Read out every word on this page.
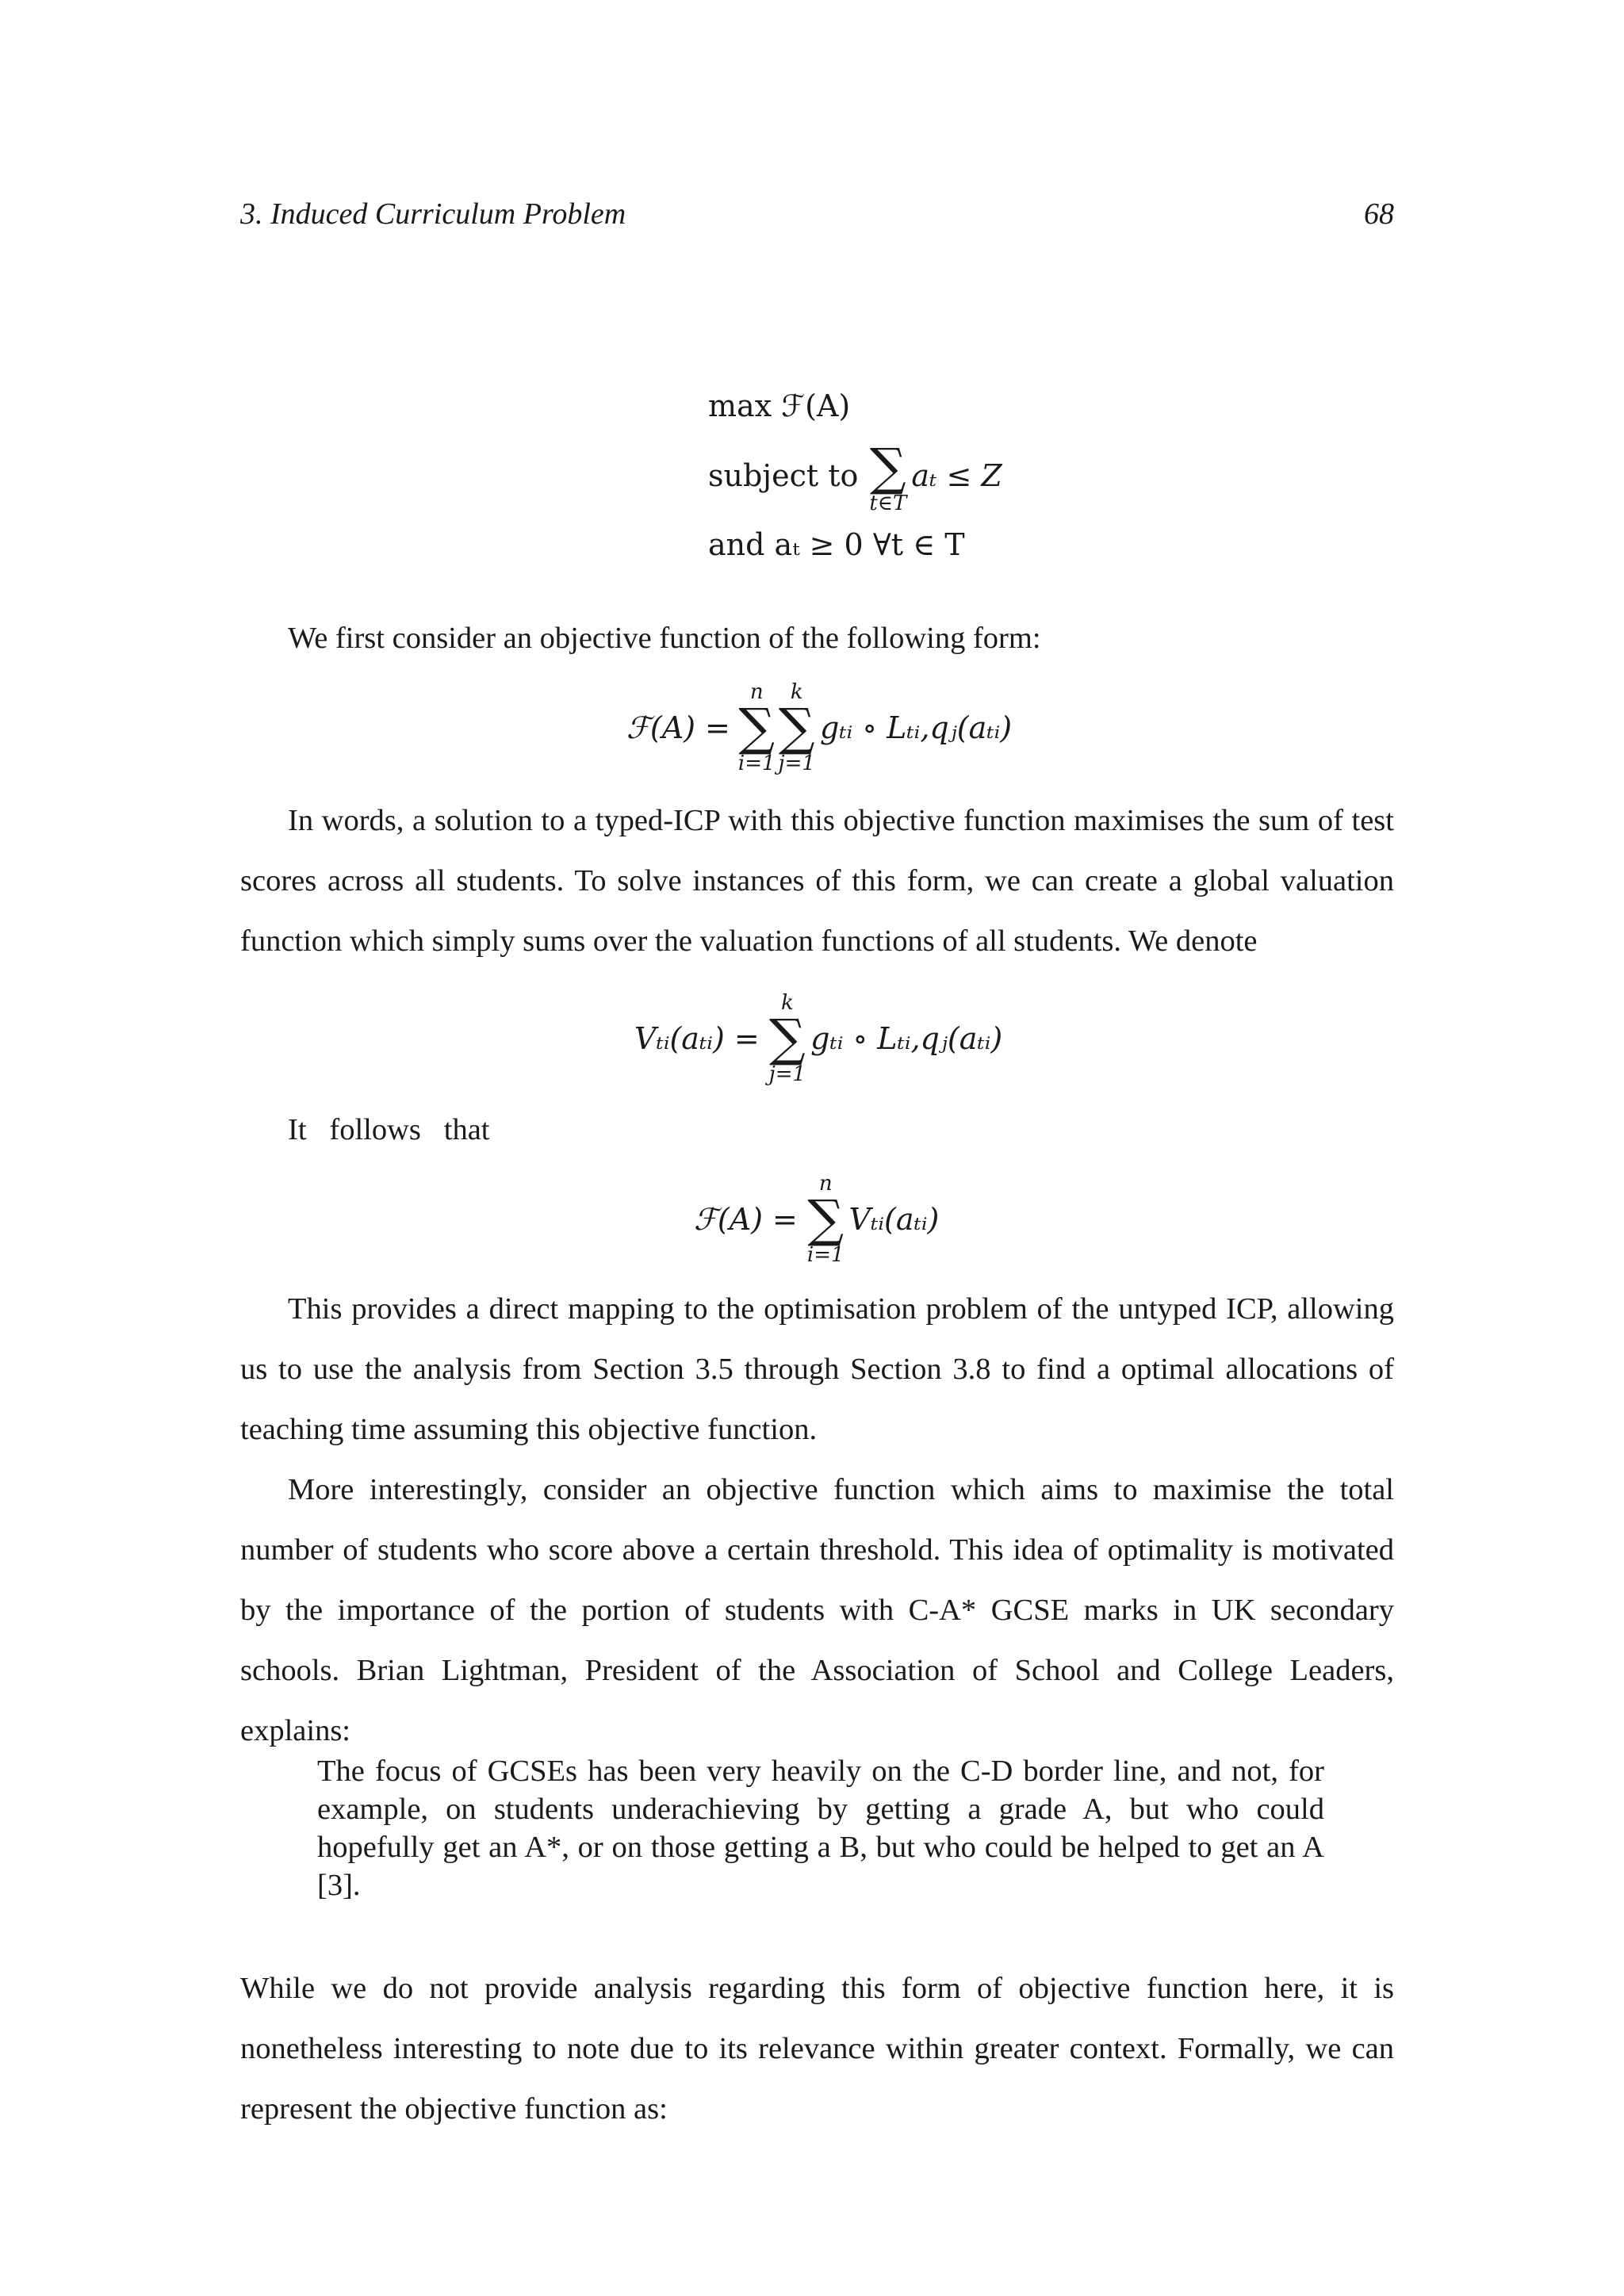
3. Induced Curriculum Problem	68
max ℱ(A)
subject to ∑
t∈T
aₜ ≤ Z
and aₜ ≥ 0 ∀t ∈ T

We first consider an objective function of the following form:

ℱ(A) =
n
∑
i=1
k
∑
j=1
gₜᵢ ∘ Lₜᵢ,qⱼ(aₜᵢ)

In words, a solution to a typed-ICP with this objective function maximises the sum of test scores across all students. To solve instances of this form, we can create a global valuation function which simply sums over the valuation functions of all students. We denote

Vₜᵢ(aₜᵢ) =
k
∑
j=1
gₜᵢ ∘ Lₜᵢ,qⱼ(aₜᵢ)

It   follows   that

ℱ(A) =
n
∑
i=1
Vₜᵢ(aₜᵢ)

This provides a direct mapping to the optimisation problem of the untyped ICP, allowing us to use the analysis from Section 3.5 through Section 3.8 to find a optimal allocations of teaching time assuming this objective function.

More interestingly, consider an objective function which aims to maximise the total number of students who score above a certain threshold. This idea of optimality is motivated by the importance of the portion of students with C-A* GCSE marks in UK secondary schools. Brian Lightman, President of the Association of School and College Leaders, explains:

The focus of GCSEs has been very heavily on the C-D border line, and not, for example, on students underachieving by getting a grade A, but who could hopefully get an A*, or on those getting a B, but who could be helped to get an A [3].

While we do not provide analysis regarding this form of objective function here, it is nonetheless interesting to note due to its relevance within greater context. Formally, we can represent the objective function as:
